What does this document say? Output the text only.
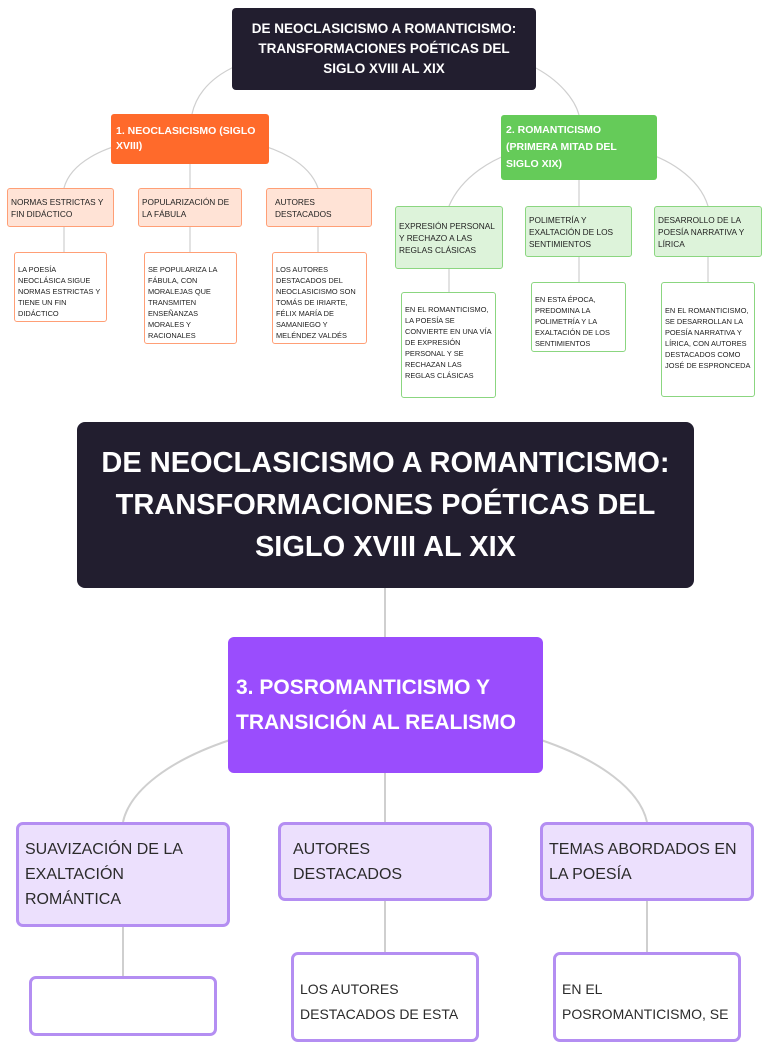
DE NEOCLASICISMO A ROMANTICISMO: TRANSFORMACIONES POÉTICAS DEL SIGLO XVIII AL XIX
1. NEOCLASICISMO (SIGLO XVIII)
NORMAS ESTRICTAS Y FIN DIDÁCTICO
POPULARIZACIÓN DE LA FÁBULA
AUTORES DESTACADOS
LA POESÍA NEOCLÁSICA SIGUE NORMAS ESTRICTAS Y TIENE UN FIN DIDÁCTICO
SE POPULARIZA LA FÁBULA, CON MORALEJAS QUE TRANSMITEN ENSEÑANZAS MORALES Y RACIONALES
LOS AUTORES DESTACADOS DEL NEOCLASICISMO SON TOMÁS DE IRIARTE, FÉLIX MARÍA DE SAMANIEGO Y MELÉNDEZ VALDÉS
2. ROMANTICISMO (PRIMERA MITAD DEL SIGLO XIX)
EXPRESIÓN PERSONAL Y RECHAZO A LAS REGLAS CLÁSICAS
POLIMETRÍA Y EXALTACIÓN DE LOS SENTIMIENTOS
DESARROLLO DE LA POESÍA NARRATIVA Y LÍRICA
EN EL ROMANTICISMO, LA POESÍA SE CONVIERTE EN UNA VÍA DE EXPRESIÓN PERSONAL Y SE RECHAZAN LAS REGLAS CLÁSICAS
EN ESTA ÉPOCA, PREDOMINA LA POLIMETRÍA Y LA EXALTACIÓN DE LOS SENTIMIENTOS
EN EL ROMANTICISMO, SE DESARROLLAN LA POESÍA NARRATIVA Y LÍRICA, CON AUTORES DESTACADOS COMO JOSÉ DE ESPRONCEDA
DE NEOCLASICISMO A ROMANTICISMO: TRANSFORMACIONES POÉTICAS DEL SIGLO XVIII AL XIX
3. POSROMANTICISMO Y TRANSICIÓN AL REALISMO
SUAVIZACIÓN DE LA EXALTACIÓN ROMÁNTICA
AUTORES DESTACADOS
TEMAS ABORDADOS EN LA POESÍA
LOS AUTORES DESTACADOS DE ESTA
EN EL POSROMANTICISMO, SE
